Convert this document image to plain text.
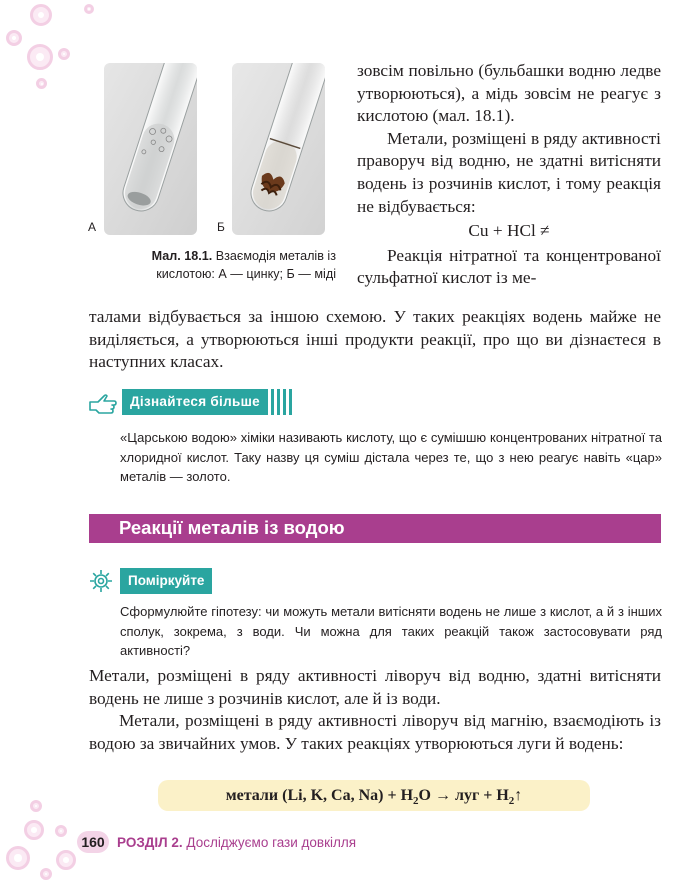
А	Б
Мал. 18.1. Взаємодія металів із кислотою: А — цинку; Б — міді

зовсім повільно (бульбашки водню ледве утворюються), а мідь зовсім не реагує з кислотою (мал. 18.1).

Метали, розміщені в ряду активності праворуч від водню, не здатні витісняти водень із розчинів кислот, і тому реакція не відбувається:

Cu + HCl ≠

Реакція нітратної та концентрованої сульфатної кислот із ме-

талами відбувається за іншою схемою. У таких реакціях водень майже не виділяється, а утворюються інші продукти реакції, про що ви дізнаєтеся в наступних класах.

Дізнайтеся більше
«Царською водою» хіміки називають кислоту, що є сумішшю концентрованих нітратної та хлоридної кислот. Таку назву ця суміш дістала через те, що з нею реагує навіть «цар» металів — золото.
Реакції металів із водою
Поміркуйте
Сформулюйте гіпотезу: чи можуть метали витісняти водень не лише з кислот, а й з інших сполук, зокрема, з води. Чи можна для таких реакцій також застосовувати ряд активності?

Метали, розміщені в ряду активності ліворуч від водню, здатні витісняти водень не лише з розчинів кислот, але й із води.

Метали, розміщені в ряду активності ліворуч від магнію, взаємодіють із водою за звичайних умов. У таких реакціях утворюються луги й водень:

метали (Li, K, Ca, $Na) + H_2O$ → луг + $H_2↑$
160 РОЗДІЛ 2. Досліджуємо гази довкілля
